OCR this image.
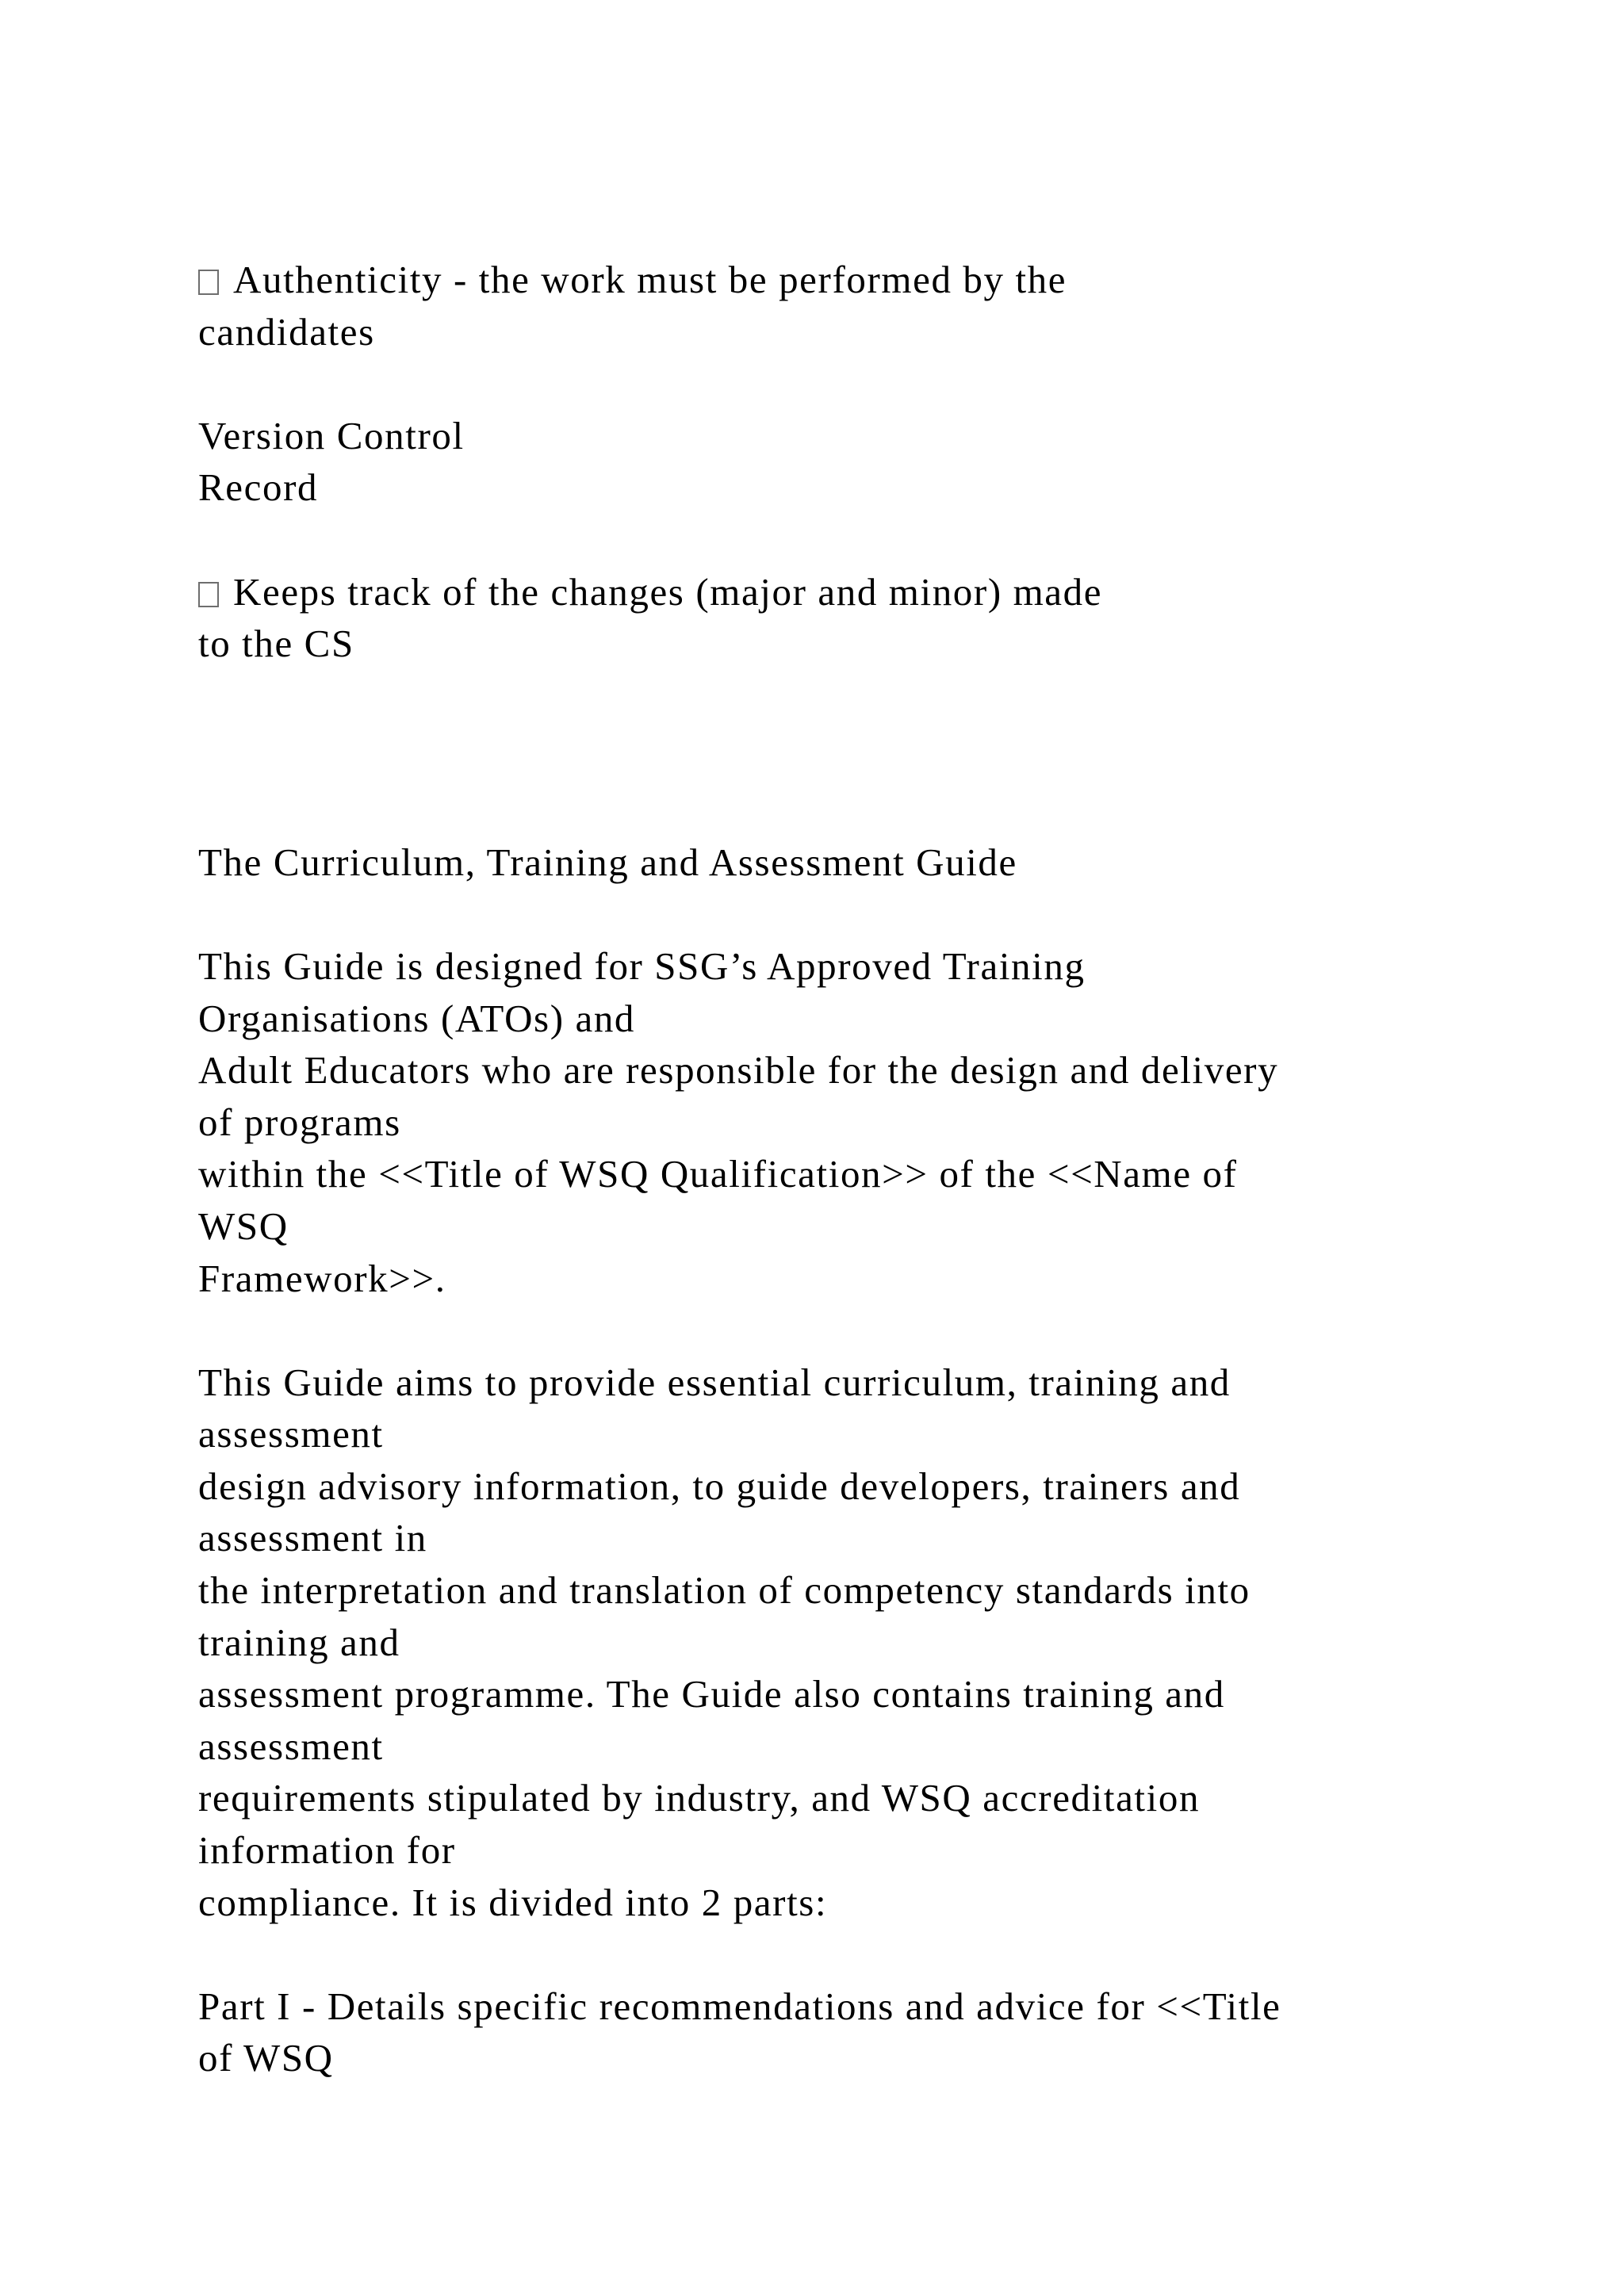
Authenticity - the work must be performed by the
candidates
Version Control
Record
Keeps track of the changes (major and minor) made
to the CS
The Curriculum, Training and Assessment Guide
This Guide is designed for SSG’s Approved Training
Organisations (ATOs) and
Adult Educators who are responsible for the design and delivery
of programs
within the <<Title of WSQ Qualification>> of the <<Name of
WSQ
Framework>>.
This Guide aims to provide essential curriculum, training and
assessment
design advisory information, to guide developers, trainers and
assessment in
the interpretation and translation of competency standards into
training and
assessment programme. The Guide also contains training and
assessment
requirements stipulated by industry, and WSQ accreditation
information for
compliance. It is divided into 2 parts:
Part I - Details specific recommendations and advice for <<Title
of WSQ
